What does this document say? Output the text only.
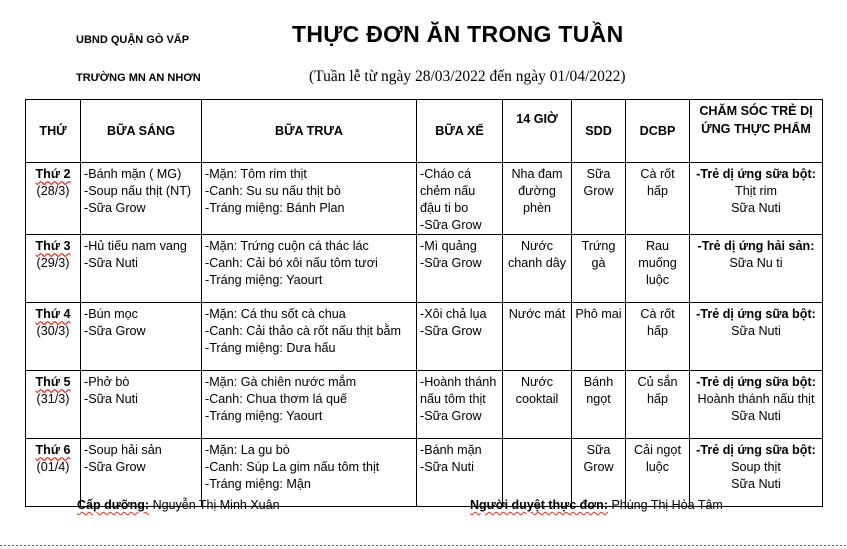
UBND QUẬN GÒ VẤP
TRƯỜNG MN AN NHƠN
THỰC ĐƠN ĂN TRONG TUẦN
(Tuần lễ từ ngày 28/03/2022 đến ngày 01/04/2022)
THỨ	BỮA SÁNG	BỮA TRƯA	BỮA XẾ	14 GIỜ	SDD	DCBP	CHĂM SÓC TRẺ DỊ ỨNG THỰC PHẨM

Thứ 2
(28/3)	-Bánh mặn ( MG)
-Soup nấu thịt (NT)
-Sữa Grow	-Mặn: Tôm rim thịt
-Canh: Su su nấu thịt bò
-Tráng miệng: Bánh Plan	-Cháo cá chẻm nấu đậu ti bo
-Sữa Grow	Nha đam đường phèn	Sữa Grow	Cà rốt hấp	-Trẻ dị ứng sữa bột:
Thịt rim
Sữa Nuti

Thứ 3
(29/3)	-Hủ tiếu nam vang
-Sữa Nuti	-Mặn: Trứng cuộn cá thác lác
-Canh: Cải bó xôi nấu tôm tươi
-Tráng miệng: Yaourt	-Mì quảng
-Sữa Grow	Nước chanh dây	Trứng gà	Rau muống luộc	-Trẻ dị ứng hải sản:
Sữa Nu ti

Thứ 4
(30/3)	-Bún mọc
-Sữa Grow	-Mặn: Cá thu sốt cà chua
-Canh: Cải thảo cà rốt nấu thịt bằm
-Tráng miệng: Dưa hấu	-Xôi chả lụa
-Sữa Grow	Nước mát	Phô mai	Cà rốt hấp	-Trẻ dị ứng sữa bột:
Sữa Nuti

Thứ 5
(31/3)	-Phở bò
-Sữa Nuti	-Mặn: Gà chiên nước mắm
-Canh: Chua thơm lá quế
-Tráng miệng: Yaourt	-Hoành thánh nấu tôm thịt
-Sữa Grow	Nước cooktail	Bánh ngọt	Củ sắn hấp	-Trẻ dị ứng sữa bột:
Hoành thánh nấu thịt
Sữa Nuti

Thứ 6
(01/4)	-Soup hải sản
-Sữa Grow	-Mặn: La gu bò
-Canh: Súp La gim nấu tôm thịt
-Tráng miệng: Mận	-Bánh mặn
-Sữa Nuti		Sữa Grow	Cải ngọt luộc	-Trẻ dị ứng sữa bột:
Soup thịt
Sữa Nuti
Cấp dưỡng: Nguyễn Thị Minh Xuân	Người duyệt thực đơn: Phùng Thị Hòa Tâm
